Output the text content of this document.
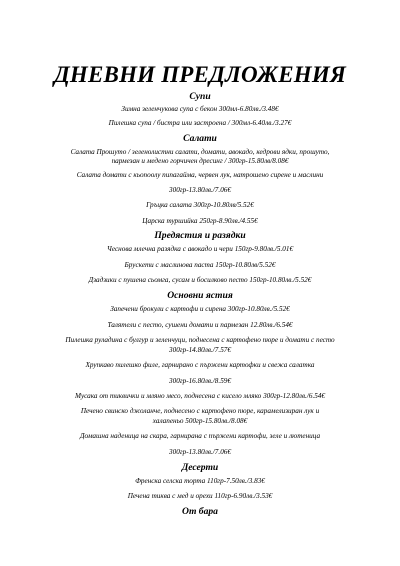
ДНЕВНИ ПРЕДЛОЖЕНИЯ
Супи
Зимна зеленчукова супа с бекон 300мл-6.80лв./3.48€
Пилешка супа / бистра или застроена / 300мл-6.40лв./3.27€
Салати
Салата Прошуто / зеленолистни салати, домати, авокадо, кедрови ядки, прошуто,
пармезан и медено горчичен дресинг / 300гр-15.80лв/8.08€
Салата домати с кьопоолу пипагайма, червен лук, натрошено сирене и маслини
300гр-13.80лв./7.06€
Гръцка салата 300гр-10.80лв/5.52€
Царска туршийка 250гр-8.90лв./4.55€
Предястия и разядки
Чеснова млечна разядка с авокадо и чери 150гр-9.80лв./5.01€
Брускети с маслинова паста 150гр-10.80лв/5.52€
Дзадзики с пушена сьомга, сусам и босилково песто 150гр-10.80лв./5.52€
Основни ястия
Запечени брокули с картофи и сирена 300гр-10.80лв./5.52€
Талятели с песто, сушени домати и пармезан 12.80лв./6.54€
Пилешка руладина с булгур и зеленчуци, поднесена с картофено пюре и домати с песто
300гр-14.80лв./7.57€
Хрупкаво пилешко филе, гарнирано с пържени картофки и свежа салатка
300гр-16.80лв./8.59€
Мусака от тиквички и мляно месо, поднесена с кисело мляко 300гр-12.80лв./6.54€
Печено свинско джоланче, поднесено с картофено пюре, карамелизиран лук и
халапеньо 500гр-15.80лв./8.08€
Домашна наденица на скара, гарнирана с пържени картофи, зеле и лютеница
300гр-13.80лв./7.06€
Десерти
Френска селска торта 110гр-7.50лв./3.83€
Печена тиква с мед и орехи 110гр-6.90лв./3.53€
От бара
